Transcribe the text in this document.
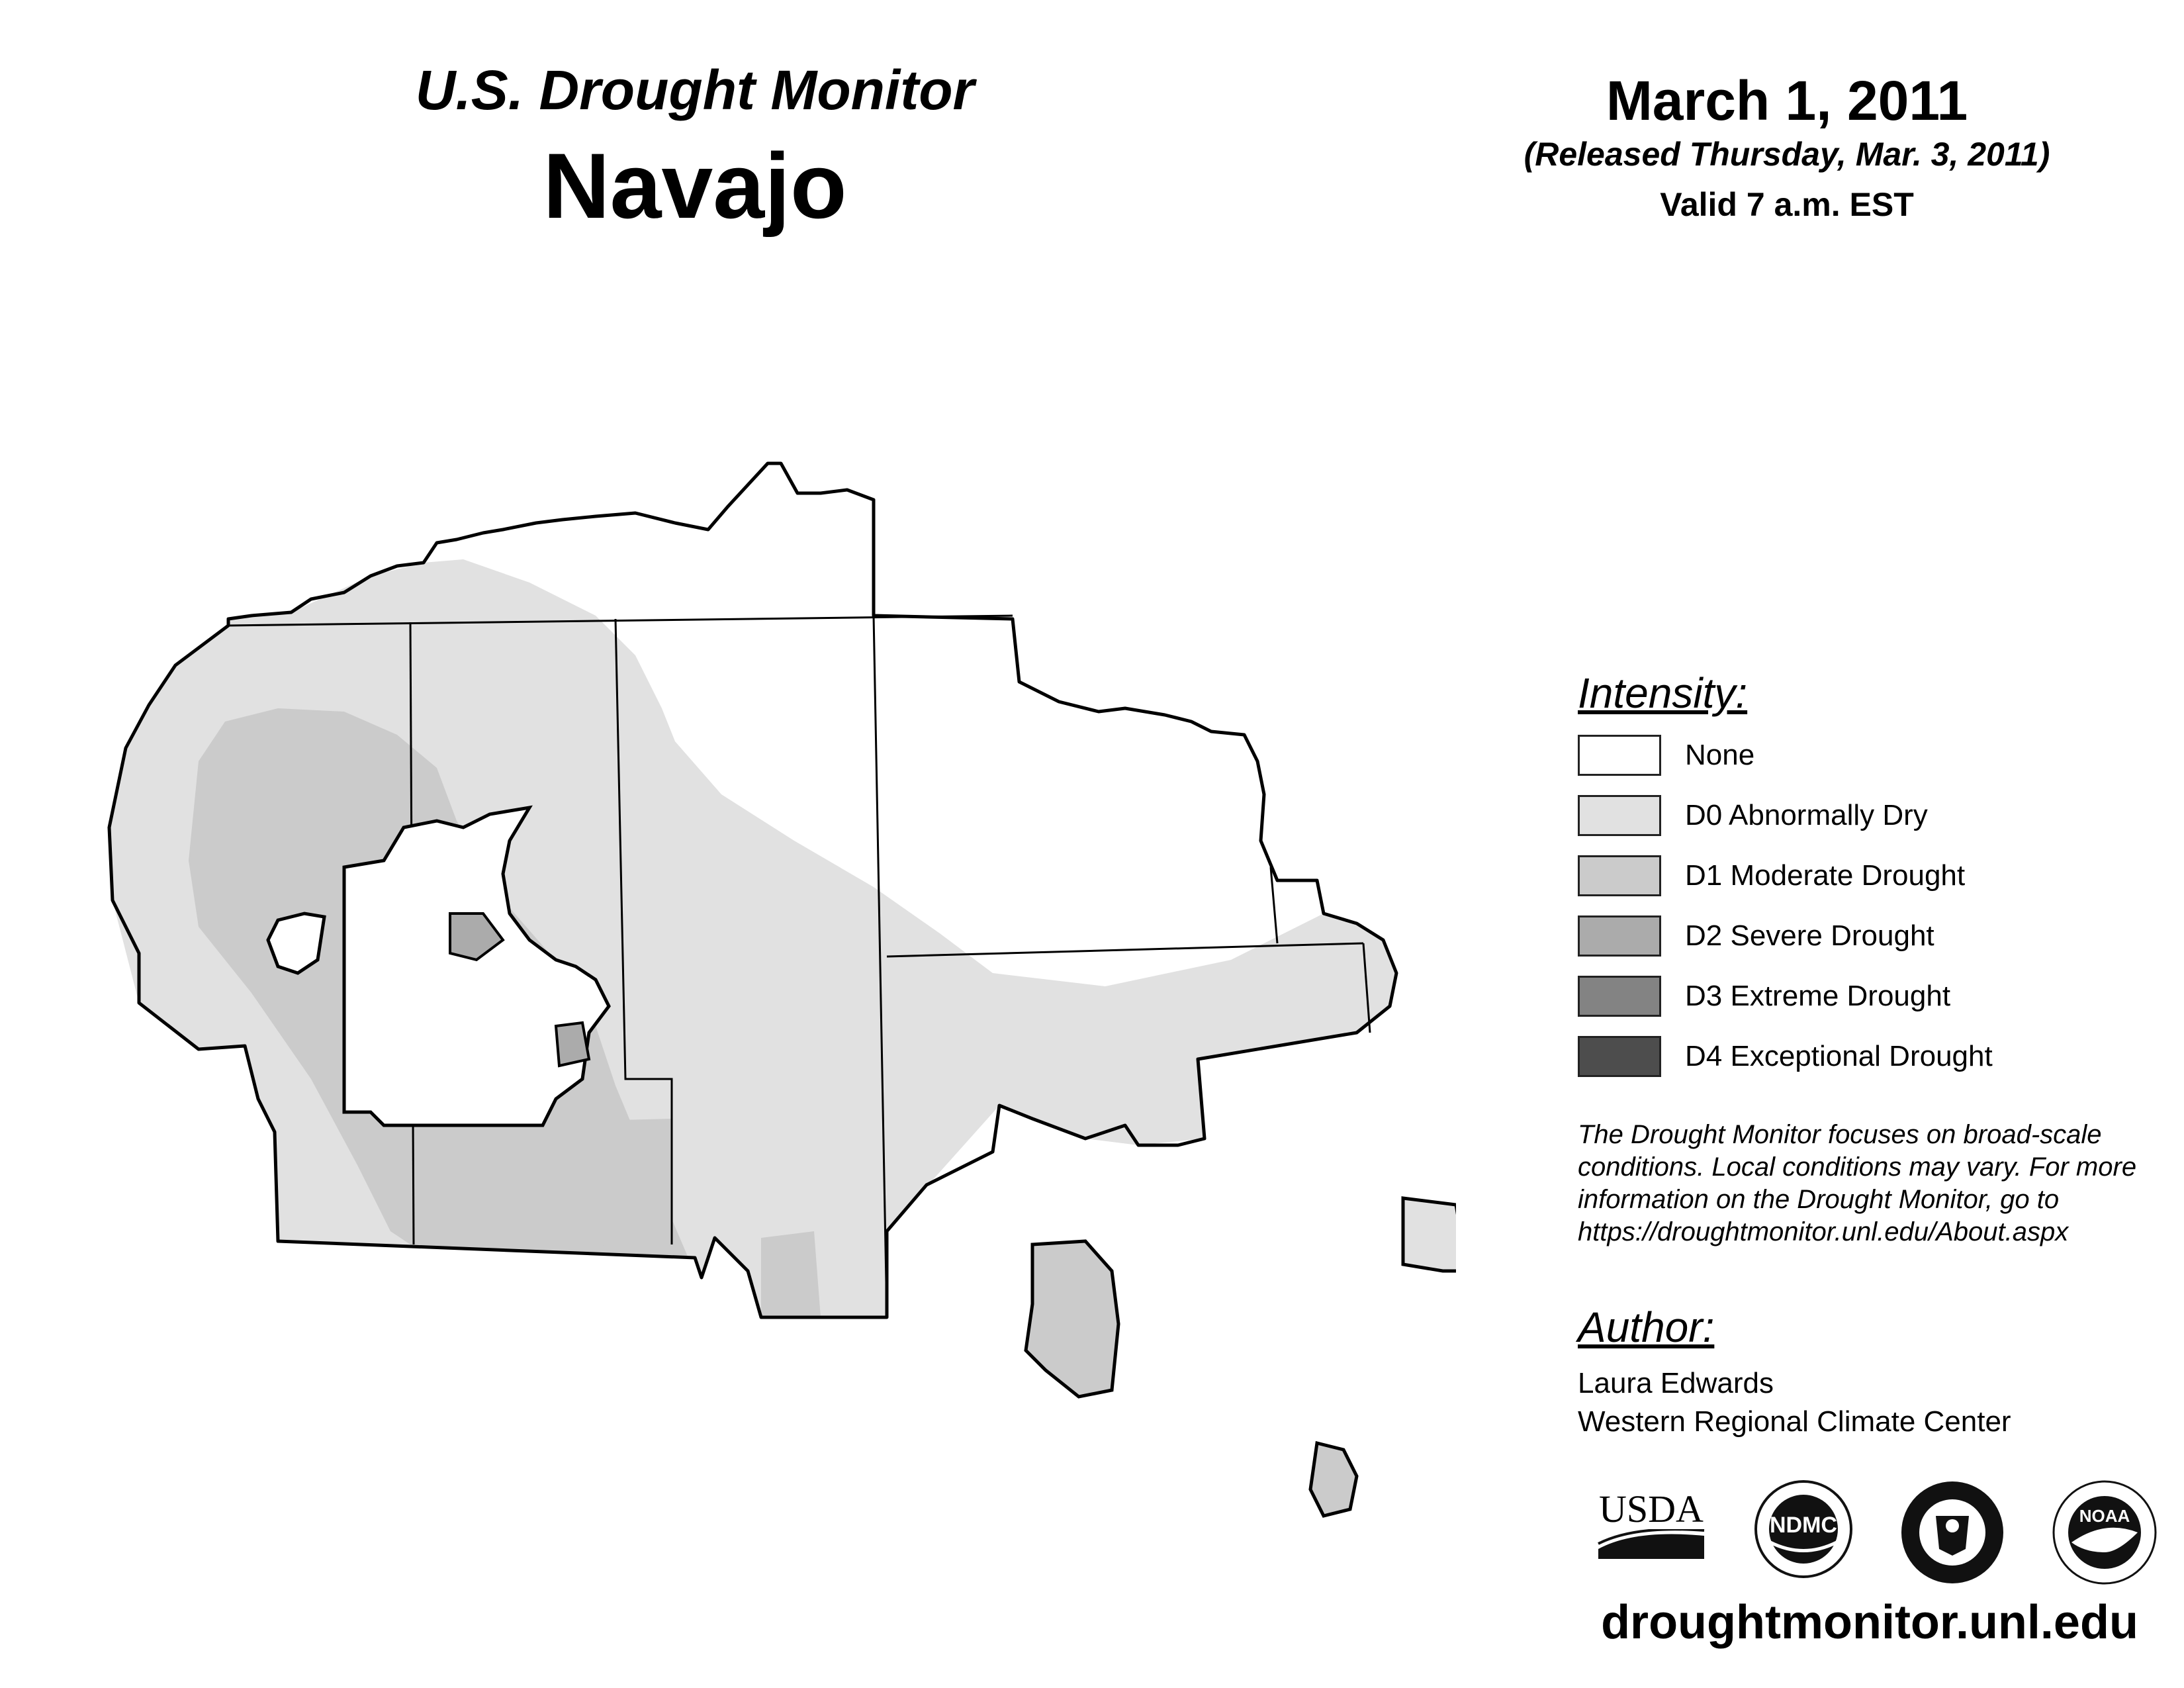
U.S. Drought Monitor
Navajo
March 1, 2011
(Released Thursday, Mar. 3, 2011)
Valid 7 a.m. EST
Intensity:
None
D0 Abnormally Dry
D1 Moderate Drought
D2 Severe Drought
D3 Extreme Drought
D4 Exceptional Drought
The Drought Monitor focuses on broad-scale
conditions. Local conditions may vary. For more
information on the Drought Monitor, go to
https://droughtmonitor.unl.edu/About.aspx
Author:
Laura Edwards
Western Regional Climate Center
USDA	NDMC	NOAA
droughtmonitor.unl.edu
